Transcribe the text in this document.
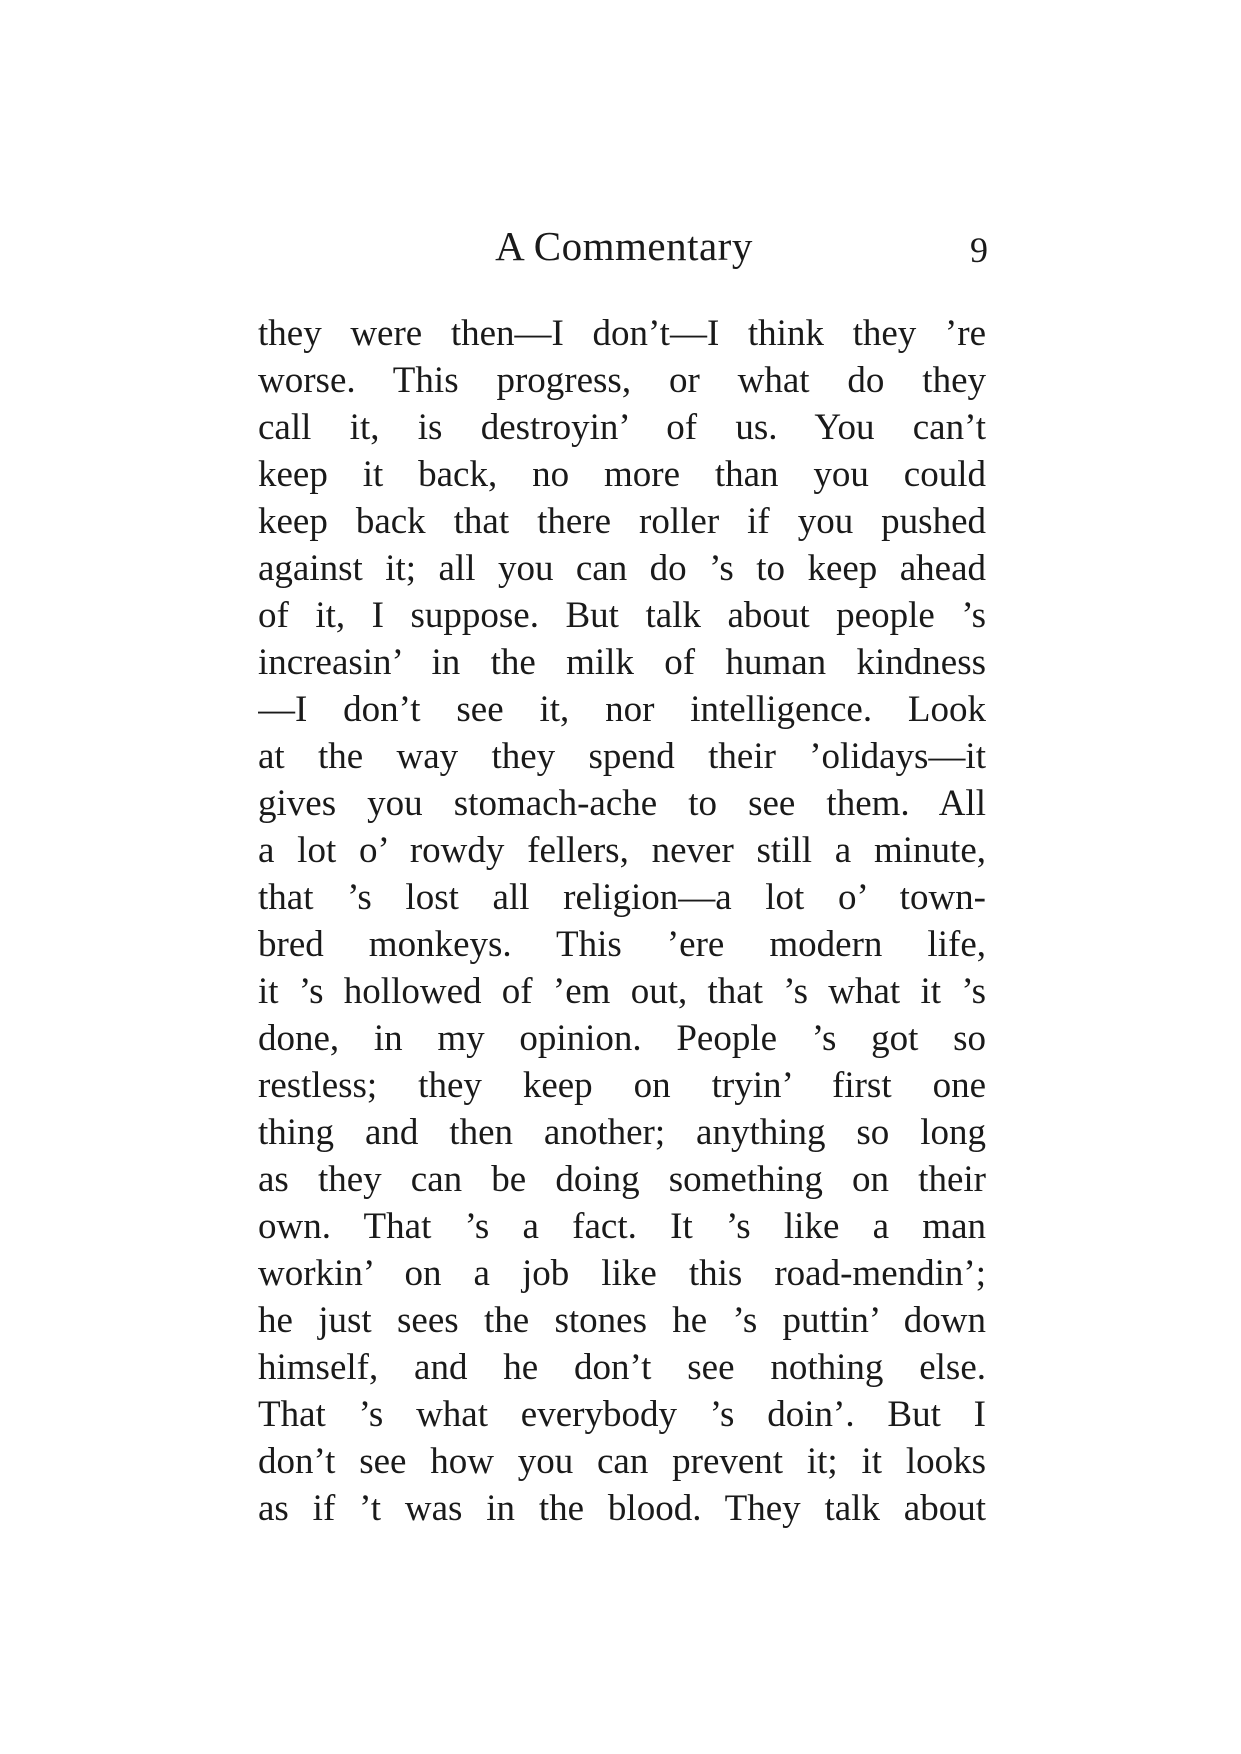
A Commentary	9
they were then—I don’t—I think they ’re
worse. This progress, or what do they
call it, is destroyin’ of us. You can’t
keep it back, no more than you could
keep back that there roller if you pushed
against it; all you can do ’s to keep ahead
of it, I suppose. But talk about people ’s
increasin’ in the milk of human kindness
—I don’t see it, nor intelligence. Look
at the way they spend their ’olidays—it
gives you stomach-ache to see them. All
a lot o’ rowdy fellers, never still a minute,
that ’s lost all religion—a lot o’ town-
bred monkeys. This ’ere modern life,
it ’s hollowed of ’em out, that ’s what it ’s
done, in my opinion. People ’s got so
restless; they keep on tryin’ first one
thing and then another; anything so long
as they can be doing something on their
own. That ’s a fact. It ’s like a man
workin’ on a job like this road-mendin’;
he just sees the stones he ’s puttin’ down
himself, and he don’t see nothing else.
That ’s what everybody ’s doin’. But I
don’t see how you can prevent it; it looks
as if ’t was in the blood. They talk about
